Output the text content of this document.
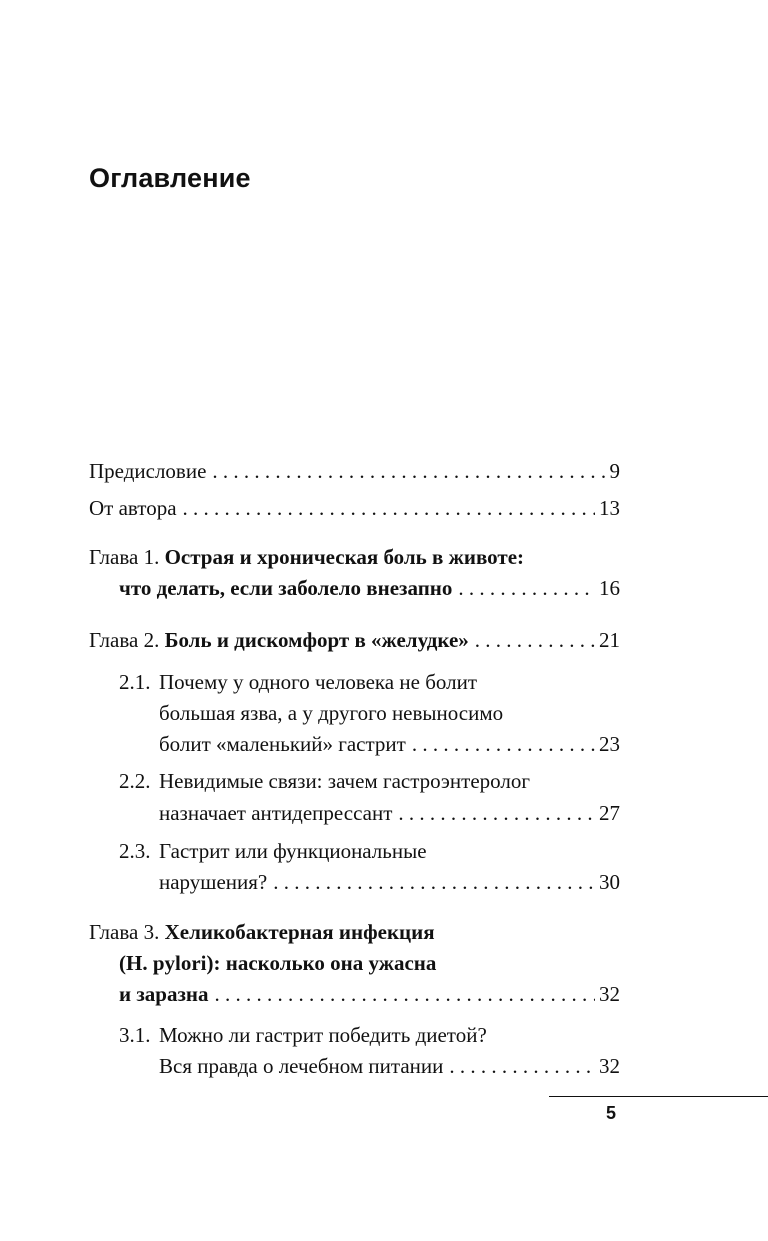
Оглавление
Предисловие . . .	9
От автора . . .	13
Глава 1.
Острая и хроническая боль в животе:
что делать, если заболело внезапно . . .	16
Глава 2.
Боль и дискомфорт в «желудке» . . .	21
2.1. Почему у одного человека не болит
большая язва, а у другого невыносимо
болит «маленький» гастрит . . .	23
2.2. Невидимые связи: зачем гастроэнтеролог
назначает антидепрессант . . .	27
2.3. Гастрит или функциональные
нарушения? . . .	30
Глава 3.
Хеликобактерная инфекция
(H. pylori): насколько она ужасна
и заразна . . .	32
3.1. Можно ли гастрит победить диетой?
Вся правда о лечебном питании . . .	32
5
